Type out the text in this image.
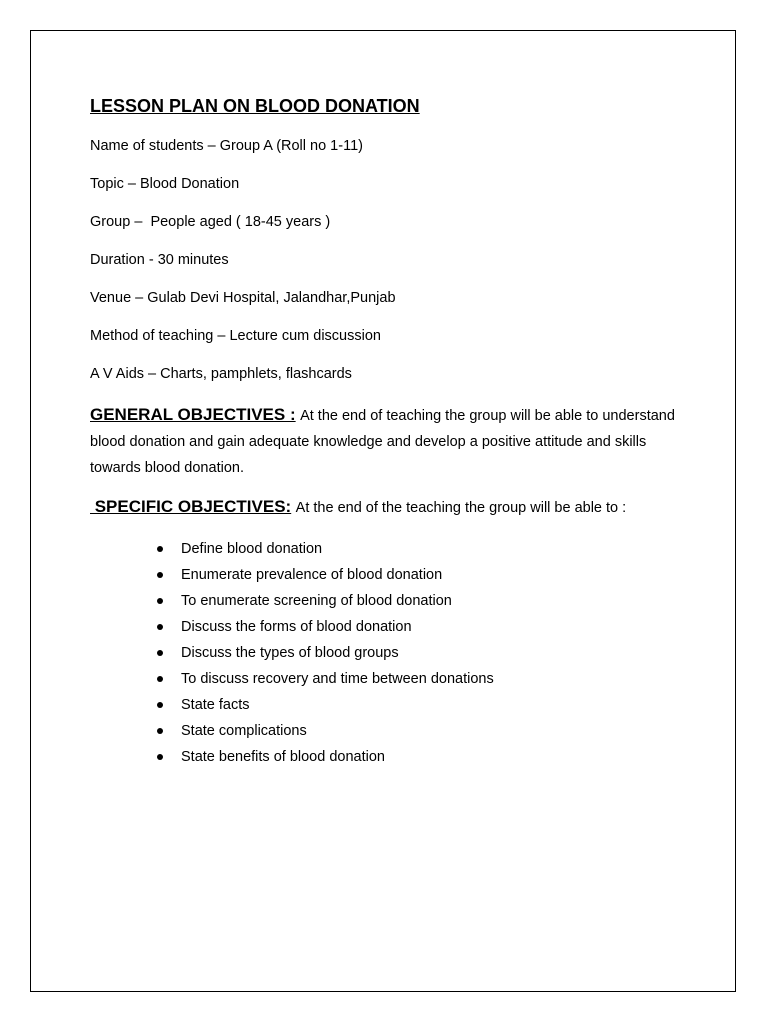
LESSON PLAN ON BLOOD DONATION
Name of students – Group A (Roll no 1-11)
Topic – Blood Donation
Group –  People aged ( 18-45 years )
Duration - 30 minutes
Venue – Gulab Devi Hospital, Jalandhar,Punjab
Method of teaching – Lecture cum discussion
A V Aids – Charts, pamphlets, flashcards
GENERAL OBJECTIVES : At the end of teaching the group will be able to understand blood donation and gain adequate knowledge and develop a positive attitude and skills towards blood donation.
SPECIFIC OBJECTIVES: At the end of the teaching the group will be able to :
Define blood donation
Enumerate prevalence of blood donation
To enumerate screening of blood donation
Discuss the forms of blood donation
Discuss the types of blood groups
To discuss recovery and time between donations
State facts
State complications
State benefits of blood donation
